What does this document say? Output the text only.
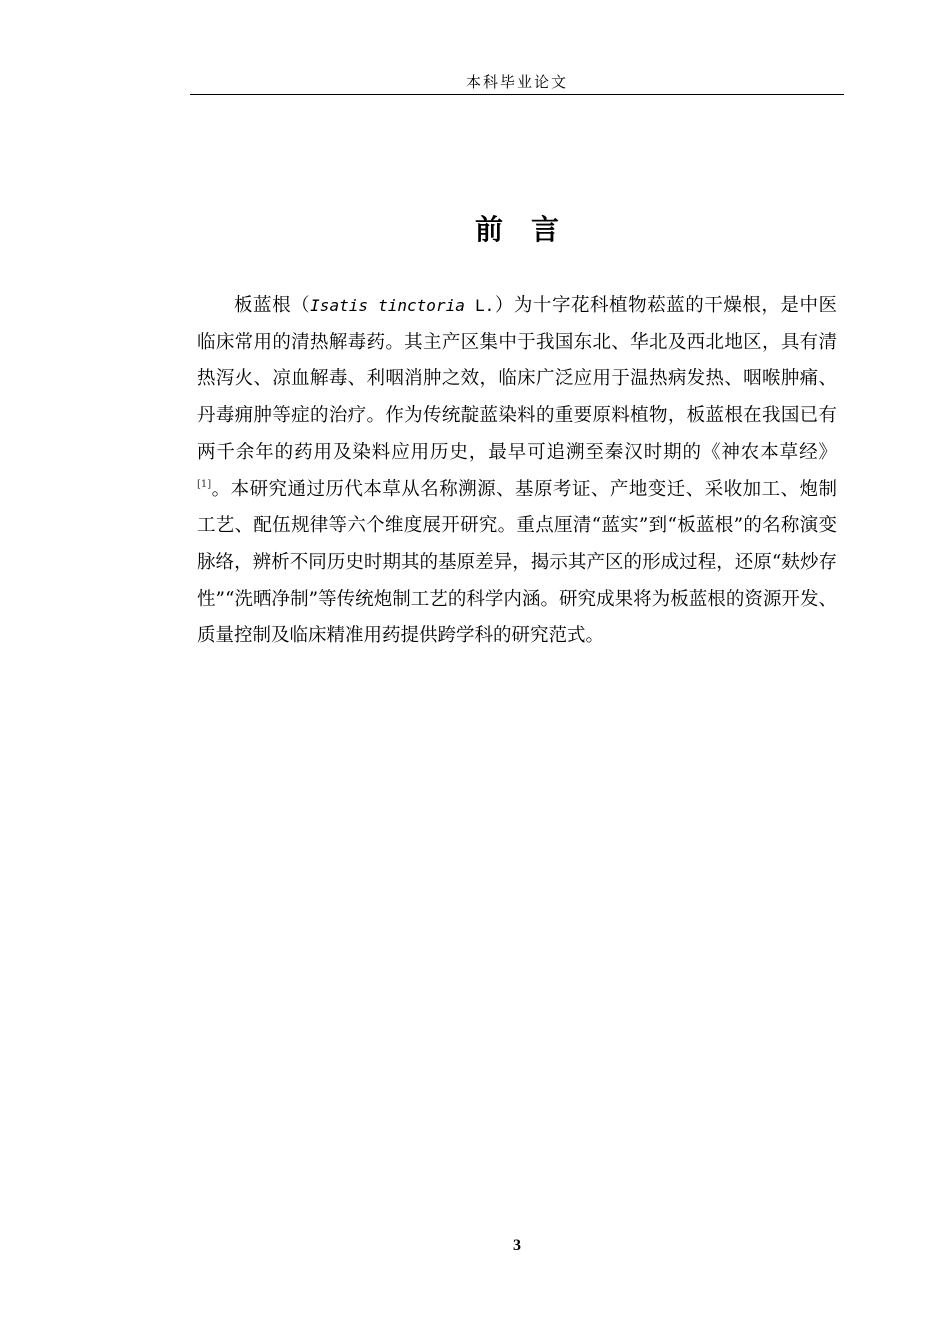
本科毕业论文
前 言

板蓝根（Isatis tinctoria L.）为十字花科植物菘蓝的干燥根，是中医临床常用的清热解毒药。其主产区集中于我国东北、华北及西北地区，具有清热泻火、凉血解毒、利咽消肿之效，临床广泛应用于温热病发热、咽喉肿痛、丹毒痈肿等症的治疗。作为传统靛蓝染料的重要原料植物，板蓝根在我国已有两千余年的药用及染料应用历史，最早可追溯至秦汉时期的《神农本草经》[1]。本研究通过历代本草从名称溯源、基原考证、产地变迁、采收加工、炮制工艺、配伍规律等六个维度展开研究。重点厘清“蓝实”到“板蓝根”的名称演变脉络，辨析不同历史时期其的基原差异，揭示其产区的形成过程，还原“麸炒存性”“洗晒净制”等传统炮制工艺的科学内涵。研究成果将为板蓝根的资源开发、质量控制及临床精准用药提供跨学科的研究范式。

3
